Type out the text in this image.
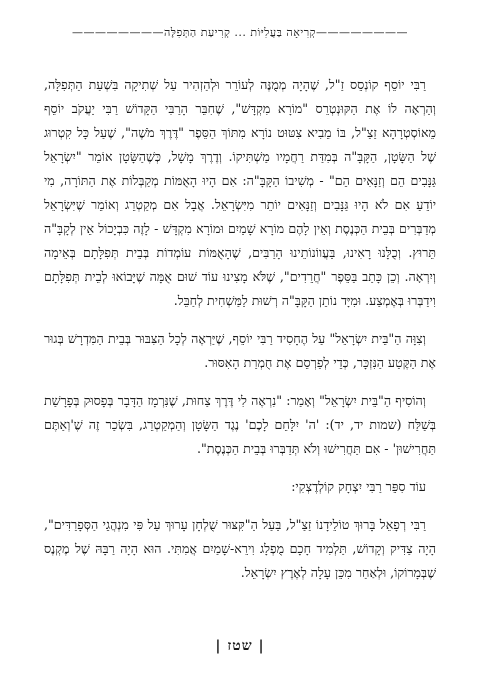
————————קְרִיאָה בַּעֲלִיּוֹת ... קְרִיעַת הַתְּפִלָּה————————

רַבִּי יוֹסֵף קוֹנְסֵס זַ"ל, שֶׁהָיָה מְמֻנֶּה לְעוֹרֵר וּלְהַזְהִיר עַל שְׁתִיקָה בִּשְׁעַת הַתְּפִלָּה, וְהַרְאָה לוֹ אֶת הַקּוּנְטְרֵס "מוֹרָא מִקְדָּשׁ", שֶׁחִבֵּר הָרַבִּי הַקָּדוֹשׁ רַבִּי יַעֲקֹב יוֹסֵף מֵאוֹסְטְרָהָא זַצַ"ל, בּוֹ מֵבִיא צִטּוּט נוֹרָא מִתּוֹךְ הַסֵּפֶר "דֶּרֶךְ מֹשֶׁה", שֶׁעַל כָּל קִטְרוּג שֶׁל הַשָּׂטָן, הַקָּבָּ"ה בְּמִדַּת רַחֲמָיו מַשְׁתִּיקוֹ. וְדֶרֶךְ מָשָׁל, כְּשֶׁהַשָּׂטָן אוֹמֵר "יִשְׂרָאֵל גַּנָּבִים הֵם וְזַנָּאִים הֵם" - מְשִׁיבוֹ הַקָּבָּ"ה: אִם הָיוּ הָאֻמּוֹת מְקַבְּלוֹת אֶת הַתּוֹרָה, מִי יוֹדֵעַ אִם לֹא הָיוּ גַּנָּבִים וְזַנָּאִים יוֹתֵר מִיִּשְׂרָאֵל. אֲבָל אִם מְקַטְרֵג וְאוֹמֵר שֶׁיִּשְׂרָאֵל מְדַבְּרִים בְּבֵית הַכְּנֶסֶת וְאֵין לָהֶם מוֹרָא שָׁמַיִם וּמוֹרָא מִקְדָּשׁ - לָזֶה כִּבְיָכוֹל אֵין לְקָבָּ"ה תֵּרוּץ. וְכֻלָּנוּ רָאִינוּ, בַּעֲווֹנוֹתֵינוּ הָרַבִּים, שֶׁהָאֻמּוֹת עוֹמְדוֹת בְּבֵית תְּפִלָּתָם בְּאֵימָה וְיִרְאָה. וְכֵן כָּתַב בַּסֵּפֶר "חֲרֵדִים", שֶׁלֹּא מָצִינוּ עוֹד שׁוּם אֻמָּה שֶׁיָּבוֹאוּ לְבֵית תְּפִלָּתָם וִידַבְּרוּ בְּאֶמְצַע. וּמִיָּד נוֹתֵן הַקָּבָּ"ה רְשׁוּת לַמַּשְׁחִית לְחַבֵּל.

וְצִוָּה הַ"בֵּית יִשְׂרָאֵל" עַל הֶחָסִיד רַבִּי יוֹסֵף, שֶׁיַּרְאֶה לְכָל הַצִּבּוּר בְּבֵית הַמִּדְרָשׁ בְּגוּר אֶת הַקֶּטַע הַנִּזְכָּר, כְּדֵי לְפַרְסֵם אֶת חֻמְרַת הָאִסּוּר.

וְהוֹסִיף הַ"בֵּית יִשְׂרָאֵל" וְאָמַר: "נִרְאֶה לִי דֶּרֶךְ צַחוּת, שֶׁנִּרְמָז הַדָּבָר בְּפָסוּק בְּפָרָשַׁת בְּשַׁלַּח (שמות יד, יד): 'ה' יִלָּחֵם לָכֶם' נֶגֶד הַשָּׂטָן וְהַמְקַטְרֵג, בִּשְׂכַר זֶה שֶׁ'וְאַתֶּם תַּחֲרִישׁוּן' - אִם תַּחֲרִישׁוּ וְלֹא תְּדַבְּרוּ בְּבֵית הַכְּנֶסֶת".

עוֹד סִפֵּר רַבִּי יִצְחָק קוֹלְדֶצְקִי:

רַבִּי רְפָאֵל בָּרוּךְ טוֹלֵידָנוֹ זַצַ"ל, בַּעַל הַ"קִּצּוּר שֻׁלְחָן עָרוּךְ עַל פִּי מִנְהֲגֵי הַסְּפָרַדִּים", הָיָה צַדִּיק וְקָדוֹשׁ, תַּלְמִיד חָכָם מֻפְלָג וִירֵא-שָׁמַיִם אֲמִתִּי. הוּא הָיָה רַבָּהּ שֶׁל מֶקְנֶס שֶׁבְּמָרוֹקוֹ, וּלְאַחַר מִכֵּן עָלָה לְאֶרֶץ יִשְׂרָאֵל.

| שטז |
